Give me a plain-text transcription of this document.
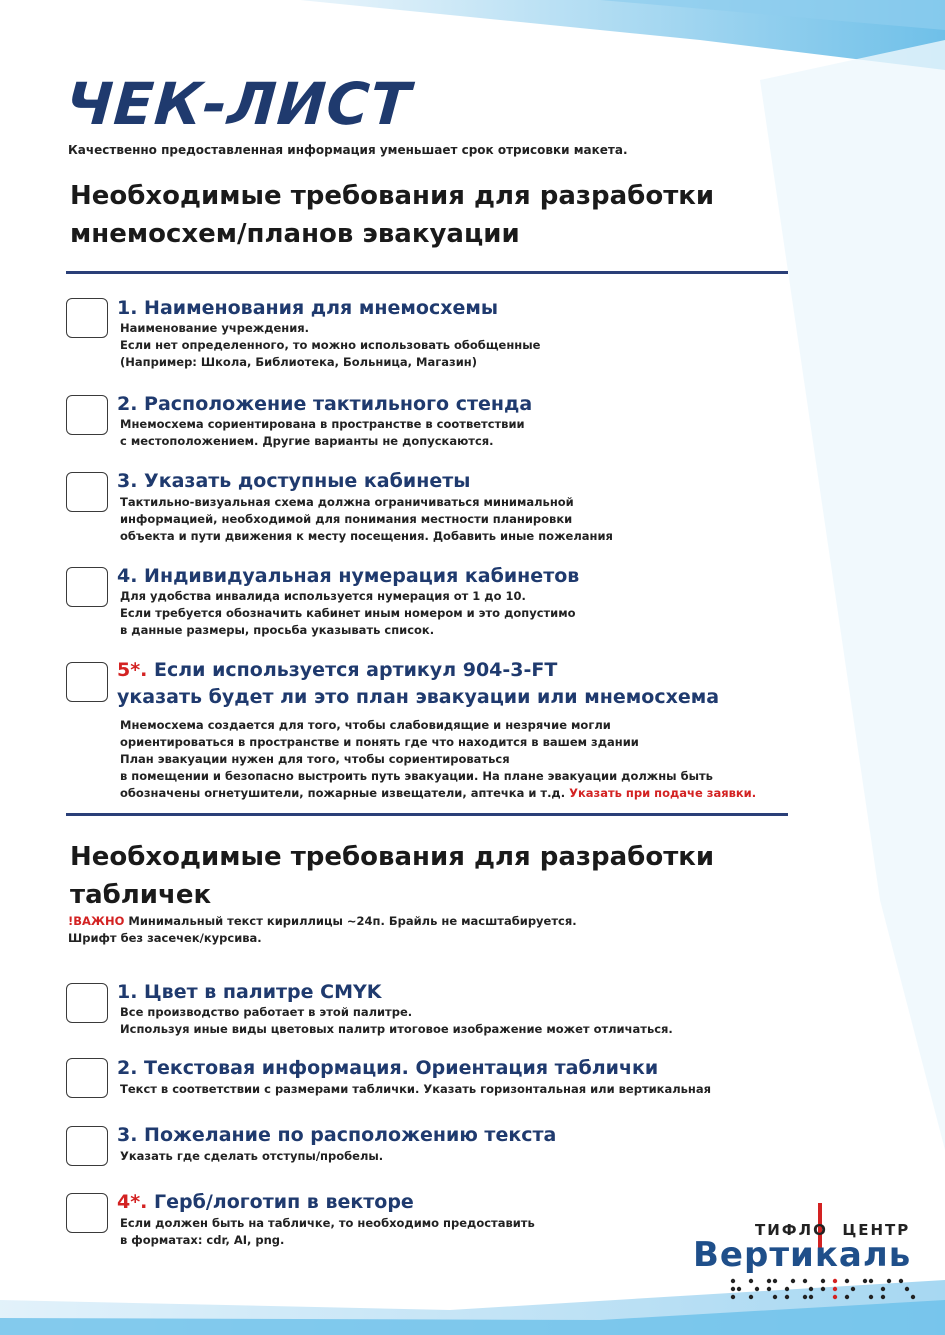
ЧЕК-ЛИСТ
Качественно предоставленная информация уменьшает срок отрисовки макета.
Необходимые требования для разработки
мнемосхем/планов эвакуации
1. Наименования для мнемосхемы
Наименование учреждения.
Если нет определенного, то можно использовать обобщенные
(Например: Школа, Библиотека, Больница, Магазин)
2. Расположение тактильного стенда
Мнемосхема сориентирована в пространстве в соответствии
с местоположением. Другие варианты не допускаются.
3. Указать доступные кабинеты
Тактильно-визуальная схема должна ограничиваться минимальной
информацией, необходимой для понимания местности планировки
объекта и пути движения к месту посещения. Добавить иные пожелания
4. Индивидуальная нумерация кабинетов
Для удобства инвалида используется нумерация от 1 до 10.
Если требуется обозначить кабинет иным номером и это допустимо
в данные размеры, просьба указывать список.
5*. Если используется артикул 904-3-FT
указать будет ли это план эвакуации или мнемосхема
Мнемосхема создается для того, чтобы слабовидящие и незрячие могли
ориентироваться в пространстве и понять где что находится в вашем здании
План эвакуации нужен для того, чтобы сориентироваться
в помещении и безопасно выстроить путь эвакуации. На плане эвакуации должны быть
обозначены огнетушители, пожарные извещатели, аптечка и т.д. Указать при подаче заявки.
Необходимые требования для разработки
табличек
!ВАЖНО Минимальный текст кириллицы ~24п. Брайль не масштабируется.
Шрифт без засечек/курсива.
1. Цвет в палитре CMYK
Все производство работает в этой палитре.
Используя иные виды цветовых палитр итоговое изображение может отличаться.
2. Текстовая информация. Ориентация таблички
Текст в соответствии с размерами таблички. Указать горизонтальная или вертикальная
3. Пожелание по расположению текста
Указать где сделать отступы/пробелы.
4*. Герб/логотип в векторе
Если должен быть на табличке, то необходимо предоставить
в форматах: cdr, AI, png.
ТИФЛО ЦЕНТР
Вертикаль
